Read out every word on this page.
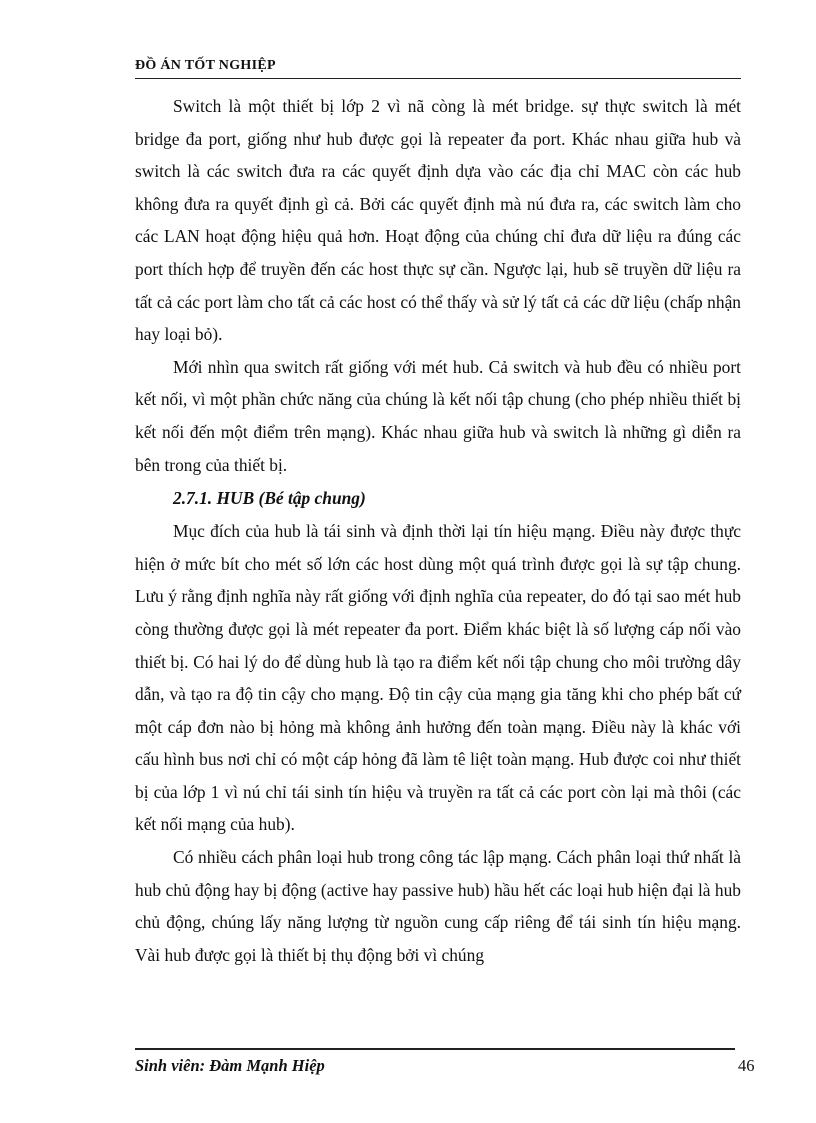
ĐỒ ÁN TỐT NGHIỆP

Switch là một thiết bị lớp 2 vì nã còng là mét bridge. sự thực switch là mét bridge đa port, giống như hub được gọi là repeater đa port. Khác nhau giữa hub và switch là các switch đưa ra các quyết định dựa vào các địa chỉ MAC còn các hub không đưa ra quyết định gì cả. Bởi các quyết định mà nú đưa ra, các switch làm cho các LAN hoạt động hiệu quả hơn. Hoạt động của chúng chỉ đưa dữ liệu ra đúng các port thích hợp để truyền đến các host thực sự cần. Ngược lại, hub sẽ truyền dữ liệu ra tất cả các port làm cho tất cả các host có thể thấy và sử lý tất cả các dữ liệu (chấp nhận hay loại bỏ).

Mới nhìn qua switch rất giống với mét hub. Cả switch và hub đều có nhiều port kết nối, vì một phần chức năng của chúng là kết nối tập chung (cho phép nhiều thiết bị kết nối đến một điểm trên mạng). Khác nhau giữa hub và switch là những gì diễn ra bên trong của thiết bị.

2.7.1. HUB (Bé tập chung)

Mục đích của hub là tái sinh và định thời lại tín hiệu mạng. Điều này được thực hiện ở mức bít cho mét số lớn các host dùng một quá trình được gọi là sự tập chung. Lưu ý rằng định nghĩa này rất giống với định nghĩa của repeater, do đó tại sao mét hub còng thường được gọi là mét repeater đa port. Điểm khác biệt là số lượng cáp nối vào thiết bị. Có hai lý do để dùng hub là tạo ra điểm kết nối tập chung cho môi trường dây dẫn, và tạo ra độ tin cậy cho mạng. Độ tin cậy của mạng gia tăng khi cho phép bất cứ một cáp đơn nào bị hỏng mà không ảnh hưởng đến toàn mạng. Điều này là khác với cấu hình bus nơi chỉ có một cáp hỏng đã làm tê liệt toàn mạng. Hub được coi như thiết bị của lớp 1 vì nú chỉ tái sinh tín hiệu và truyền ra tất cả các port còn lại mà thôi (các kết nối mạng của hub).

Có nhiều cách phân loại hub trong công tác lập mạng. Cách phân loại thứ nhất là hub chủ động hay bị động (active hay passive hub) hầu hết các loại hub hiện đại là hub chủ động, chúng lấy năng lượng từ nguồn cung cấp riêng để tái sinh tín hiệu mạng. Vài hub được gọi là thiết bị thụ động bởi vì chúng

Sinh viên: Đàm Mạnh Hiệp	46
